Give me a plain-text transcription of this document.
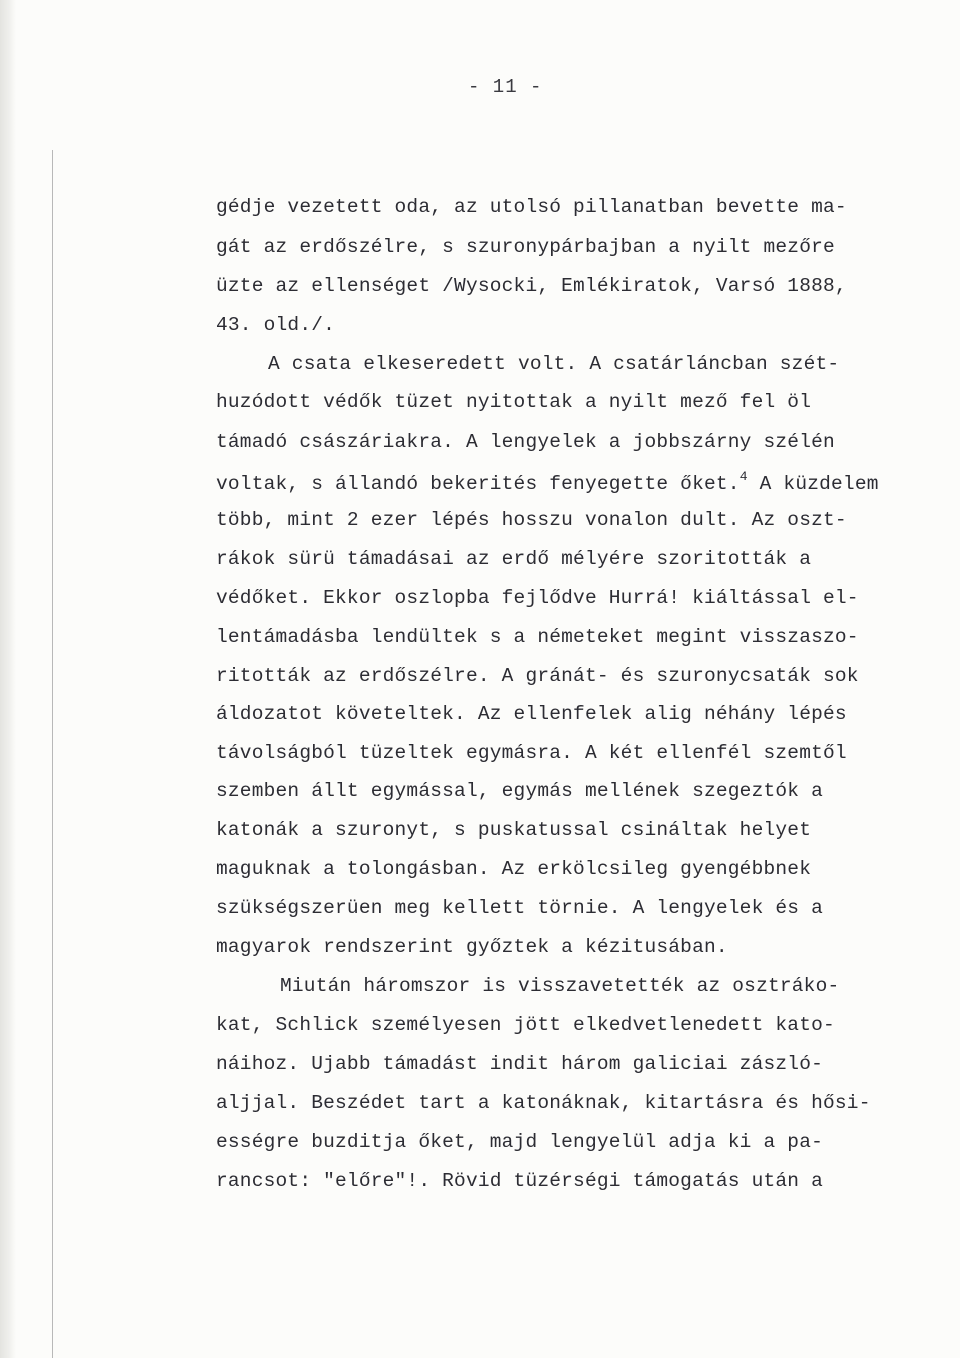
- 11 -
gédje vezetett oda, az utolsó pillanatban bevette ma-
gát az erdőszélre, s szuronypárbajban a nyilt mezőre
üzte az ellenséget /Wysocki, Emlékiratok, Varsó 1888,
43. old./.
A csata elkeseredett volt. A csatárláncban szét-
huzódott védők tüzet nyitottak a nyilt mező fel öl
támadó császáriakra. A lengyelek a jobbszárny szélén
voltak, s állandó bekerités fenyegette őket.$^4$ A küzdelem
több, mint 2 ezer lépés hosszu vonalon dult. Az oszt-
rákok sürü támadásai az erdő mélyére szoritották a
védőket. Ekkor oszlopba fejlődve Hurrá! kiáltással el-
lentámadásba lendültek s a németeket megint visszaszo-
ritották az erdőszélre. A gránát- és szuronycsaták sok
áldozatot követeltek. Az ellenfelek alig néhány lépés
távolságból tüzeltek egymásra. A két ellenfél szemtől
szemben állt egymással, egymás mellének szegeztók a
katonák a szuronyt, s puskatussal csináltak helyet
maguknak a tolongásban. Az erkölcsileg gyengébbnek
szükségszerüen meg kellett törnie. A lengyelek és a
magyarok rendszerint győztek a kézitusában.
Miután háromszor is visszavetették az osztráko-
kat, Schlick személyesen jött elkedvetlenedett kato-
náihoz. Ujabb támadást indit három galiciai zászló-
aljjal. Beszédet tart a katonáknak, kitartásra és hősi-
ességre buzditja őket, majd lengyelül adja ki a pa-
rancsot: "előre"!. Rövid tüzérségi támogatás után a
